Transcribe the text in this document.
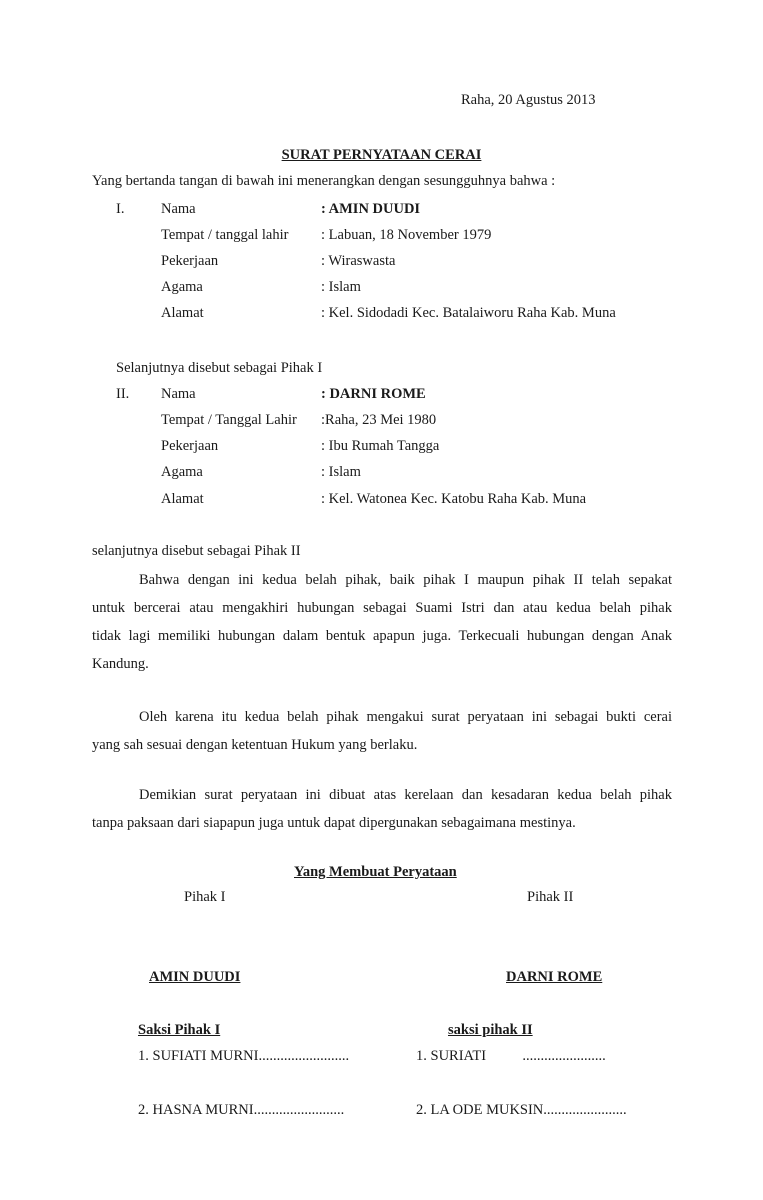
Raha, 20 Agustus 2013
SURAT PERNYATAAN CERAI
Yang bertanda tangan di bawah ini menerangkan dengan sesungguhnya bahwa :
I.	Nama	: AMIN DUUDI
Tempat / tanggal lahir : Labuan, 18 November 1979
Pekerjaan	: Wiraswasta
Agama	: Islam
Alamat	: Kel. Sidodadi Kec. Batalaiworu Raha Kab. Muna
Selanjutnya disebut sebagai Pihak I
II. Nama	: DARNI ROME
Tempat / Tanggal Lahir :Raha, 23 Mei 1980
Pekerjaan	: Ibu Rumah Tangga
Agama	: Islam
Alamat	: Kel. Watonea Kec. Katobu Raha Kab. Muna
selanjutnya disebut sebagai Pihak II
Bahwa dengan ini kedua belah pihak, baik pihak I maupun pihak II telah sepakat
untuk bercerai atau mengakhiri hubungan sebagai Suami Istri dan atau kedua belah pihak
tidak lagi memiliki hubungan dalam bentuk apapun juga. Terkecuali hubungan dengan Anak
Kandung.
Oleh karena itu kedua belah pihak mengakui surat peryataan ini sebagai bukti cerai
yang sah sesuai dengan ketentuan Hukum yang berlaku.
Demikian surat peryataan ini dibuat atas kerelaan dan kesadaran kedua belah pihak
tanpa paksaan dari siapapun juga untuk dapat dipergunakan sebagaimana mestinya.
Yang Membuat Peryataan
Pihak I	Pihak II
AMIN DUUDI	DARNI ROME
Saksi Pihak I	saksi pihak II
1. SUFIATI MURNI.........................	1. SURIATI          .......................
2. HASNA MURNI.........................	2. LA ODE MUKSIN.......................
